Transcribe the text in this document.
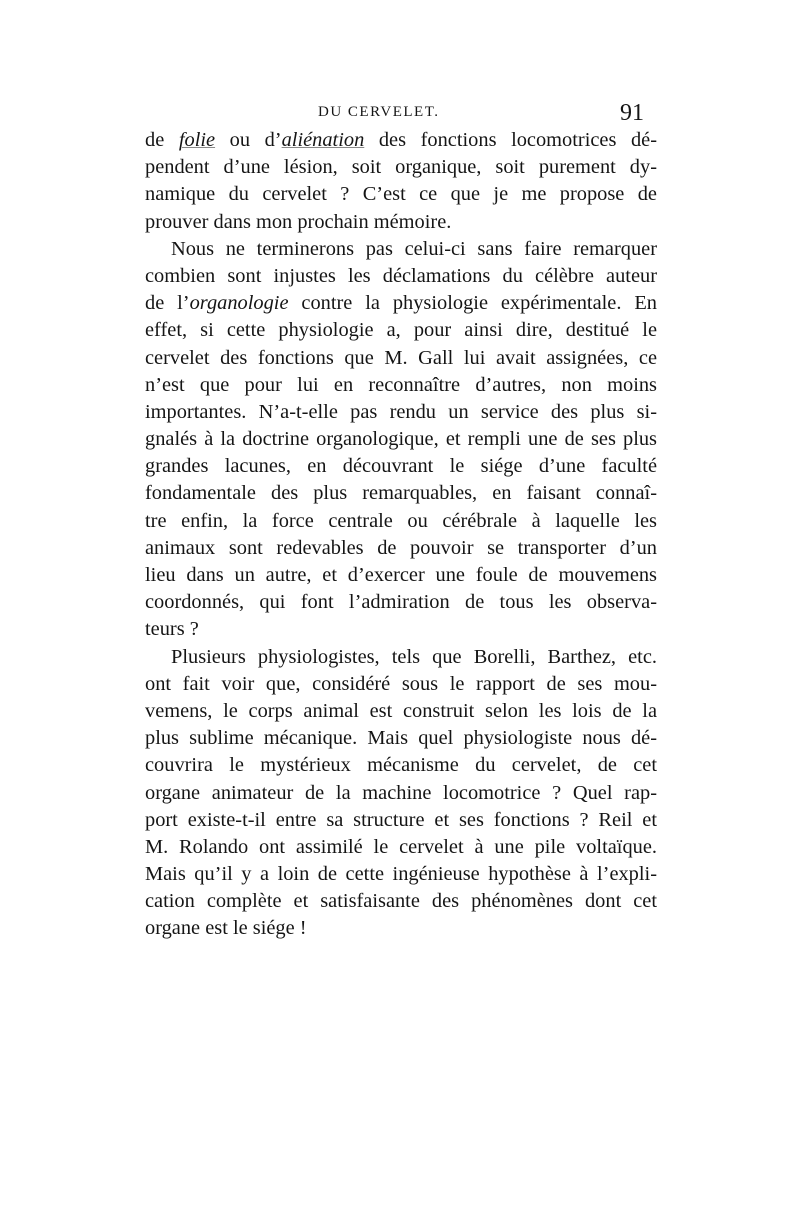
DU CERVELET.	91
de folie ou d’aliénation des fonctions locomotrices dé-
pendent d’une lésion, soit organique, soit purement dy-
namique du cervelet ? C’est ce que je me propose de
prouver dans mon prochain mémoire.
Nous ne terminerons pas celui-ci sans faire remarquer
combien sont injustes les déclamations du célèbre auteur
de l’organologie contre la physiologie expérimentale. En
effet, si cette physiologie a, pour ainsi dire, destitué le
cervelet des fonctions que M. Gall lui avait assignées, ce
n’est que pour lui en reconnaître d’autres, non moins
importantes. N’a-t-elle pas rendu un service des plus si-
gnalés à la doctrine organologique, et rempli une de ses plus
grandes lacunes, en découvrant le siége d’une faculté
fondamentale des plus remarquables, en faisant connaî-
tre enfin, la force centrale ou cérébrale à laquelle les
animaux sont redevables de pouvoir se transporter d’un
lieu dans un autre, et d’exercer une foule de mouvemens
coordonnés, qui font l’admiration de tous les observa-
teurs ?
Plusieurs physiologistes, tels que Borelli, Barthez, etc.
ont fait voir que, considéré sous le rapport de ses mou-
vemens, le corps animal est construit selon les lois de la
plus sublime mécanique. Mais quel physiologiste nous dé-
couvrira le mystérieux mécanisme du cervelet, de cet
organe animateur de la machine locomotrice ? Quel rap-
port existe-t-il entre sa structure et ses fonctions ? Reil et
M. Rolando ont assimilé le cervelet à une pile voltaïque.
Mais qu’il y a loin de cette ingénieuse hypothèse à l’expli-
cation complète et satisfaisante des phénomènes dont cet
organe est le siége !
